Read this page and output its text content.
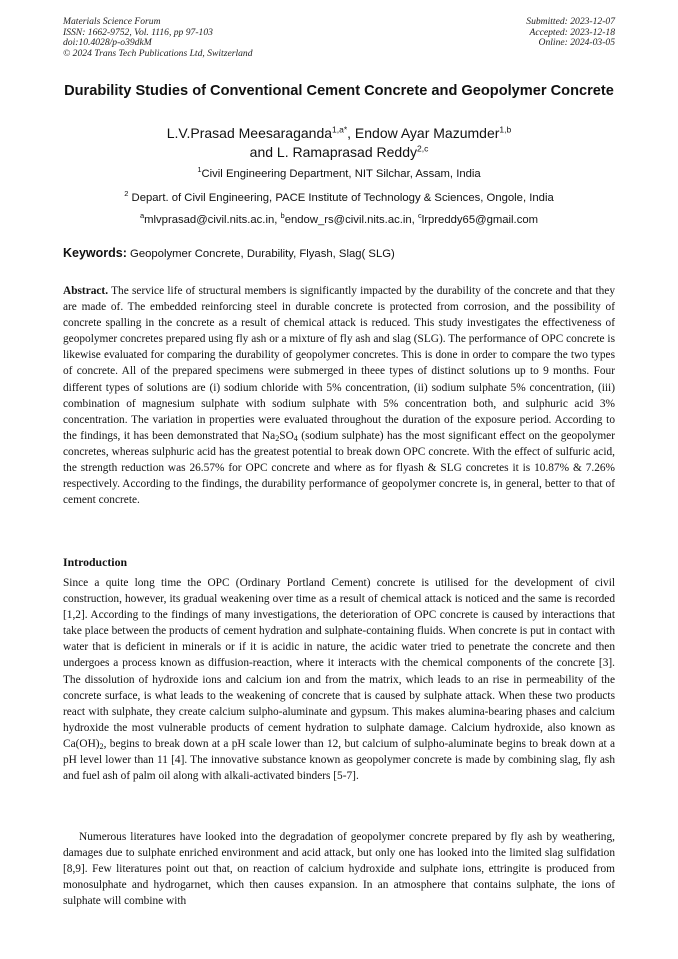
Materials Science Forum
ISSN: 1662-9752, Vol. 1116, pp 97-103
doi:10.4028/p-o39dkM
© 2024 Trans Tech Publications Ltd, Switzerland
Submitted: 2023-12-07
Accepted: 2023-12-18
Online: 2024-03-05
Durability Studies of Conventional Cement Concrete and Geopolymer Concrete
L.V.Prasad Meesaraganda$^{1,a*}$, Endow Ayar Mazumder$^{1,b}$
and L. Ramaprasad Reddy$^{2,c}$
$^1$Civil Engineering Department, NIT Silchar, Assam, India
$^2$ Depart. of Civil Engineering, PACE Institute of Technology & Sciences, Ongole, India
$^a$mlvprasad@civil.nits.ac.in, $^b$endow_rs@civil.nits.ac.in, $^c$lrpreddy65@gmail.com
Keywords: Geopolymer Concrete, Durability, Flyash, Slag( SLG)

Abstract. The service life of structural members is significantly impacted by the durability of the concrete and that they are made of. The embedded reinforcing steel in durable concrete is protected from corrosion, and the possibility of concrete spalling in the concrete as a result of chemical attack is reduced. This study investigates the effectiveness of geopolymer concretes prepared using fly ash or a mixture of fly ash and slag (SLG). The performance of OPC concrete is likewise evaluated for comparing the durability of geopolymer concretes. This is done in order to compare the two types of concrete. All of the prepared specimens were submerged in theee types of distinct solutions up to 9 months. Four different types of solutions are (i) sodium chloride with 5% concentration, (ii) sodium sulphate 5% concentration, (iii) combination of magnesium sulphate with sodium sulphate with 5% concentration both, and sulphuric acid 3% concentration. The variation in properties were evaluated throughout the duration of the exposure period. According to the findings, it has been demonstrated that $Na_2SO_4$ (sodium sulphate) has the most significant effect on the geopolymer concretes, whereas sulphuric acid has the greatest potential to break down OPC concrete. With the effect of sulfuric acid, the strength reduction was 26.57% for OPC concrete and where as for flyash & SLG concretes it is 10.87% & 7.26% respectively. According to the findings, the durability performance of geopolymer concrete is, in general, better to that of cement concrete.

Introduction

Since a quite long time the OPC (Ordinary Portland Cement) concrete is utilised for the development of civil construction, however, its gradual weakening over time as a result of chemical attack is noticed and the same is recorded [1,2]. According to the findings of many investigations, the deterioration of OPC concrete is caused by interactions that take place between the products of cement hydration and sulphate-containing fluids. When concrete is put in contact with water that is deficient in minerals or if it is acidic in nature, the acidic water tried to penetrate the concrete and then undergoes a process known as diffusion-reaction, where it interacts with the chemical components of the concrete [3]. The dissolution of hydroxide ions and calcium ion and from the matrix, which leads to an rise in permeability of the concrete surface, is what leads to the weakening of concrete that is caused by sulphate attack. When these two products react with sulphate, they create calcium sulpho-aluminate and gypsum. This makes alumina-bearing phases and calcium hydroxide the most vulnerable products of cement hydration to sulphate damage. Calcium hydroxide, also known as $Ca(OH)_2$, begins to break down at a pH scale lower than 12, but calcium of sulpho-aluminate begins to break down at a pH level lower than 11 [4]. The innovative substance known as geopolymer concrete is made by combining slag, fly ash and fuel ash of palm oil along with alkali-activated binders [5-7].

Numerous literatures have looked into the degradation of geopolymer concrete prepared by fly ash by weathering, damages due to sulphate enriched environment and acid attack, but only one has looked into the limited slag sulfidation [8,9]. Few literatures point out that, on reaction of calcium hydroxide and sulphate ions, ettringite is produced from monosulphate and hydrogarnet, which then causes expansion. In an atmosphere that contains sulphate, the ions of sulphate will combine with
